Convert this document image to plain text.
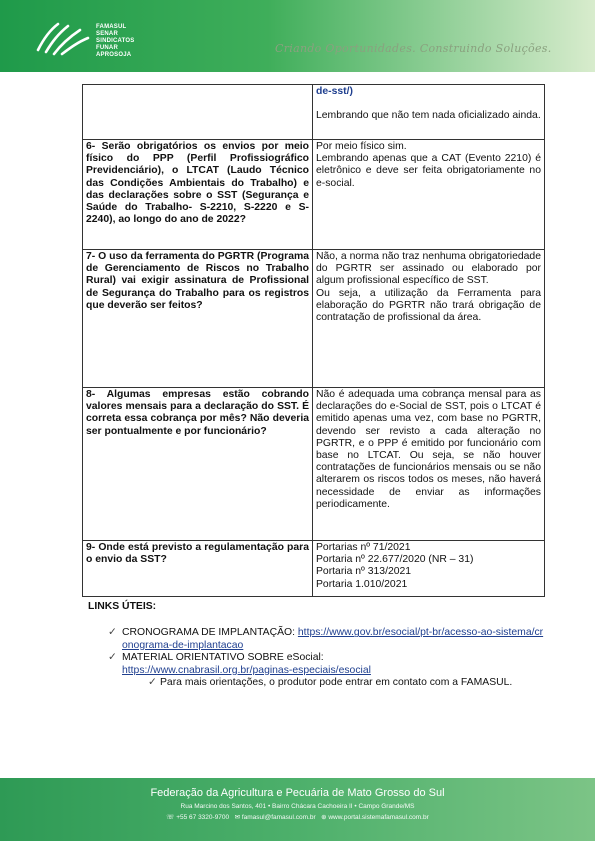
FAMASUL
SENAR
SINDICATOS
FUNAR
APROSOJA	Criando Oportunidades. Construindo Soluções.

	de-sst/)
Lembrando que não tem nada oficializado ainda.

6- Serão obrigatórios os envios por meio físico do PPP (Perfil Profissiográfico Previdenciário), o LTCAT (Laudo Técnico das Condições Ambientais do Trabalho) e das declarações sobre o SST (Segurança e Saúde do Trabalho- S-2210, S-2220 e S-2240), ao longo do ano de 2022?	Por meio físico sim.
Lembrando apenas que a CAT (Evento 2210) é eletrônico e deve ser feita obrigatoriamente no e-social.

7- O uso da ferramenta do PGRTR (Programa de Gerenciamento de Riscos no Trabalho Rural) vai exigir assinatura de Profissional de Segurança do Trabalho para os registros que deverão ser feitos?	Não, a norma não traz nenhuma obrigatoriedade do PGRTR ser assinado ou elaborado por algum profissional específico de SST.
Ou seja, a utilização da Ferramenta para elaboração do PGRTR não trará obrigação de contratação de profissional da área.

8- Algumas empresas estão cobrando valores mensais para a declaração do SST. É correta essa cobrança por mês? Não deveria ser pontualmente e por funcionário?	Não é adequada uma cobrança mensal para as declarações do e-Social de SST, pois o LTCAT é emitido apenas uma vez, com base no PGRTR, devendo ser revisto a cada alteração no PGRTR, e o PPP é emitido por funcionário com base no LTCAT. Ou seja, se não houver contratações de funcionários mensais ou se não alterarem os riscos todos os meses, não haverá necessidade de enviar as informações periodicamente.

9- Onde está previsto a regulamentação para o envio da SST?	Portarias nº 71/2021
Portaria nº 22.677/2020 (NR – 31)
Portaria nº 313/2021
Portaria 1.010/2021
LINKS ÚTEIS:
✓ CRONOGRAMA DE IMPLANTAÇÃO: https://www.gov.br/esocial/pt-br/acesso-ao-sistema/cronograma-de-implantacao
✓ MATERIAL ORIENTATIVO SOBRE eSocial:
https://www.cnabrasil.org.br/paginas-especiais/esocial
✓ Para mais orientações, o produtor pode entrar em contato com a FAMASUL.
Federação da Agricultura e Pecuária de Mato Grosso do Sul
Rua Marcino dos Santos, 401 • Bairro Chácara Cachoeira II • Campo Grande/MS
☏ +55 67 3320-9700 ✉ famasul@famasul.com.br ⊕ www.portal.sistemafamasul.com.br
